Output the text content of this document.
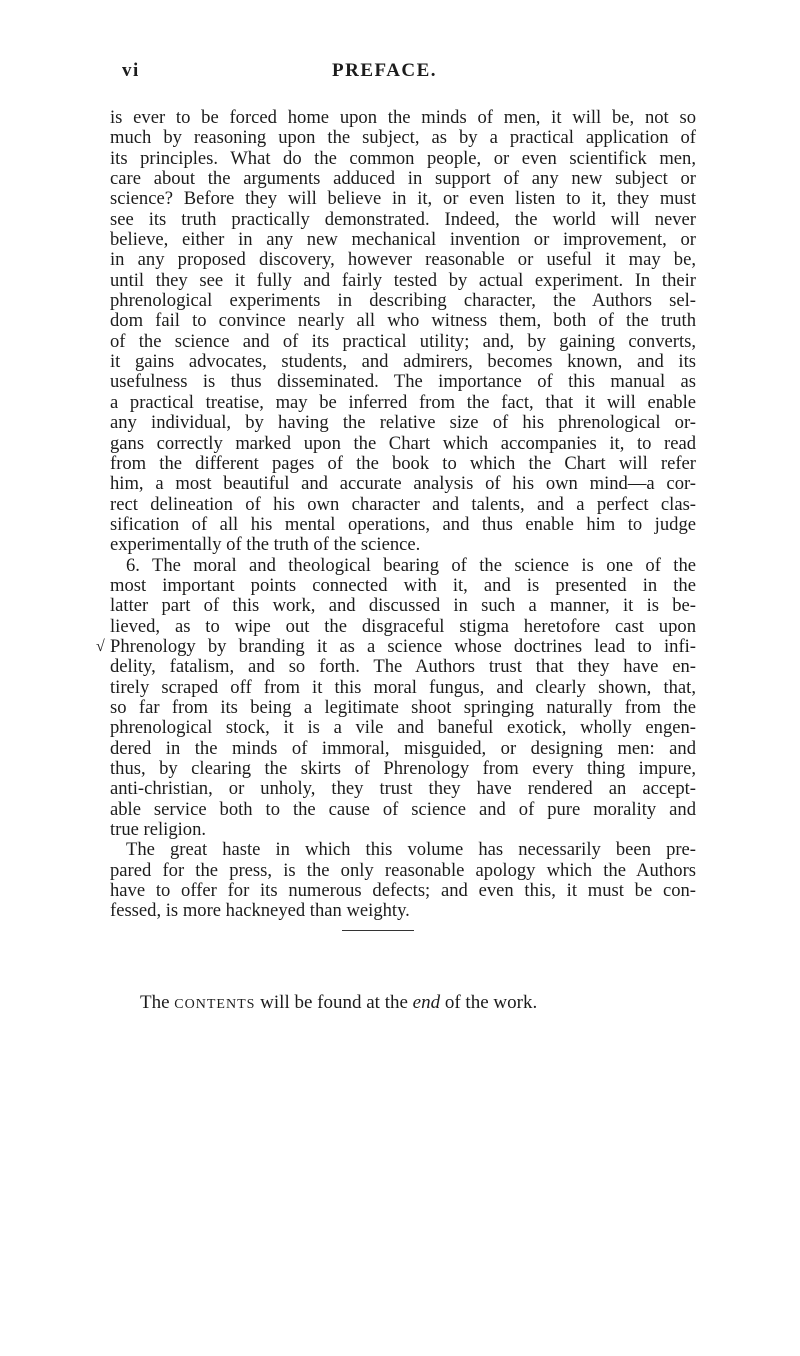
vi	PREFACE.
is ever to be forced home upon the minds of men, it will be, not so
much by reasoning upon the subject, as by a practical application of
its principles. What do the common people, or even scientifick men,
care about the arguments adduced in support of any new subject or
science? Before they will believe in it, or even listen to it, they must
see its truth practically demonstrated. Indeed, the world will never
believe, either in any new mechanical invention or improvement, or
in any proposed discovery, however reasonable or useful it may be,
until they see it fully and fairly tested by actual experiment. In their
phrenological experiments in describing character, the Authors sel-
dom fail to convince nearly all who witness them, both of the truth
of the science and of its practical utility; and, by gaining converts,
it gains advocates, students, and admirers, becomes known, and its
usefulness is thus disseminated. The importance of this manual as
a practical treatise, may be inferred from the fact, that it will enable
any individual, by having the relative size of his phrenological or-
gans correctly marked upon the Chart which accompanies it, to read
from the different pages of the book to which the Chart will refer
him, a most beautiful and accurate analysis of his own mind—a cor-
rect delineation of his own character and talents, and a perfect clas-
sification of all his mental operations, and thus enable him to judge
experimentally of the truth of the science.
6. The moral and theological bearing of the science is one of the
most important points connected with it, and is presented in the
latter part of this work, and discussed in such a manner, it is be-
lieved, as to wipe out the disgraceful stigma heretofore cast upon
Phrenology by branding it as a science whose doctrines lead to infi-
√
delity, fatalism, and so forth. The Authors trust that they have en-
tirely scraped off from it this moral fungus, and clearly shown, that,
so far from its being a legitimate shoot springing naturally from the
phrenological stock, it is a vile and baneful exotick, wholly engen-
dered in the minds of immoral, misguided, or designing men: and
thus, by clearing the skirts of Phrenology from every thing impure,
anti-christian, or unholy, they trust they have rendered an accept-
able service both to the cause of science and of pure morality and
true religion.
The great haste in which this volume has necessarily been pre-
pared for the press, is the only reasonable apology which the Authors
have to offer for its numerous defects; and even this, it must be con-
fessed, is more hackneyed than weighty.
The CONTENTS will be found at the end of the work.
